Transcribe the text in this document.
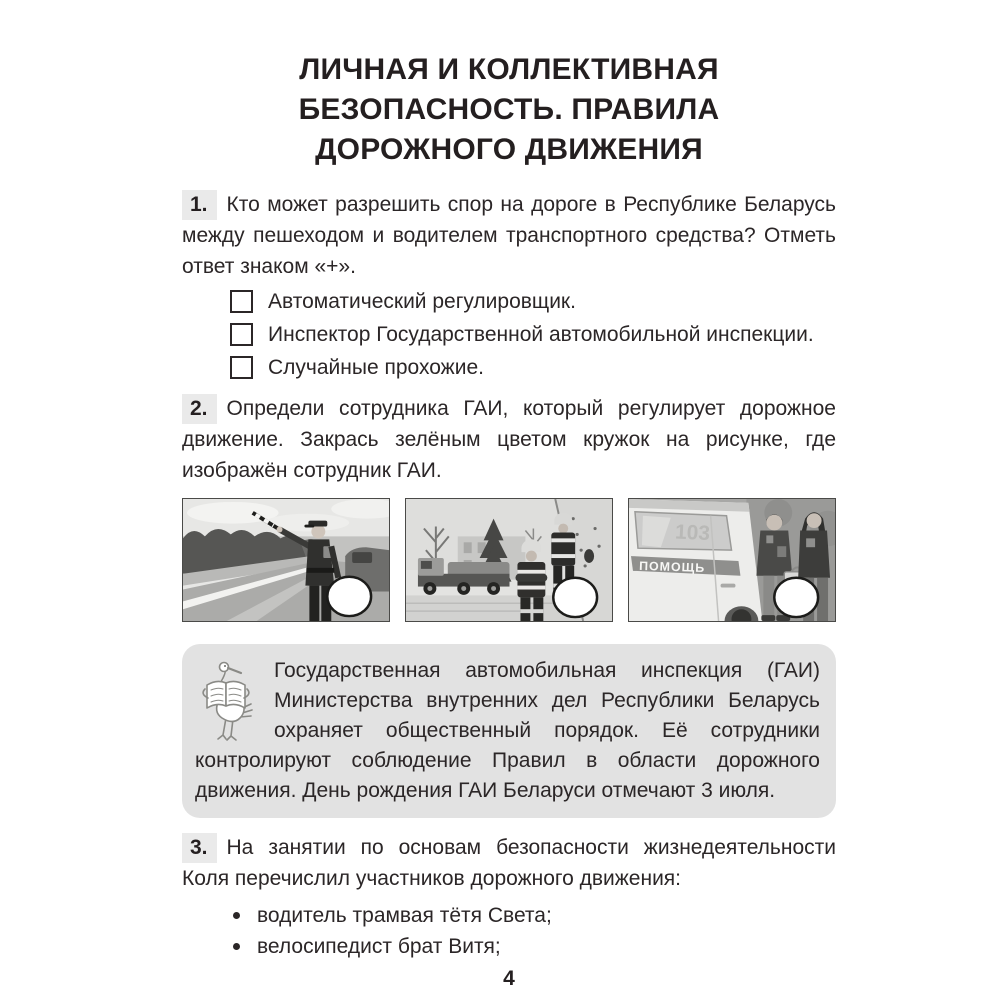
ЛИЧНАЯ И КОЛЛЕКТИВНАЯ
БЕЗОПАСНОСТЬ. ПРАВИЛА
ДОРОЖНОГО ДВИЖЕНИЯ

1. Кто может разрешить спор на дороге в Республике Беларусь между пешеходом и водителем транспортного средства? Отметь ответ знаком «+».

Автоматический регулировщик.
Инспектор Государственной автомобильной инспекции.
Случайные прохожие.

2. Определи сотрудника ГАИ, который регулирует дорожное движение. Закрась зелёным цветом кружок на рисунке, где изображён сотрудник ГАИ.

103
ПОМОЩЬ
Государственная автомобильная инспекция (ГАИ) Министерства внутренних дел Республики Беларусь охраняет общественный порядок. Её сотрудники контролируют соблюдение Правил в области дорожного движения. День рождения ГАИ Беларуси отмечают 3 июля.

3. На занятии по основам безопасности жизнедеятельности Коля перечислил участников дорожного движения:

водитель трамвая тётя Света;
велосипедист брат Витя;
4
